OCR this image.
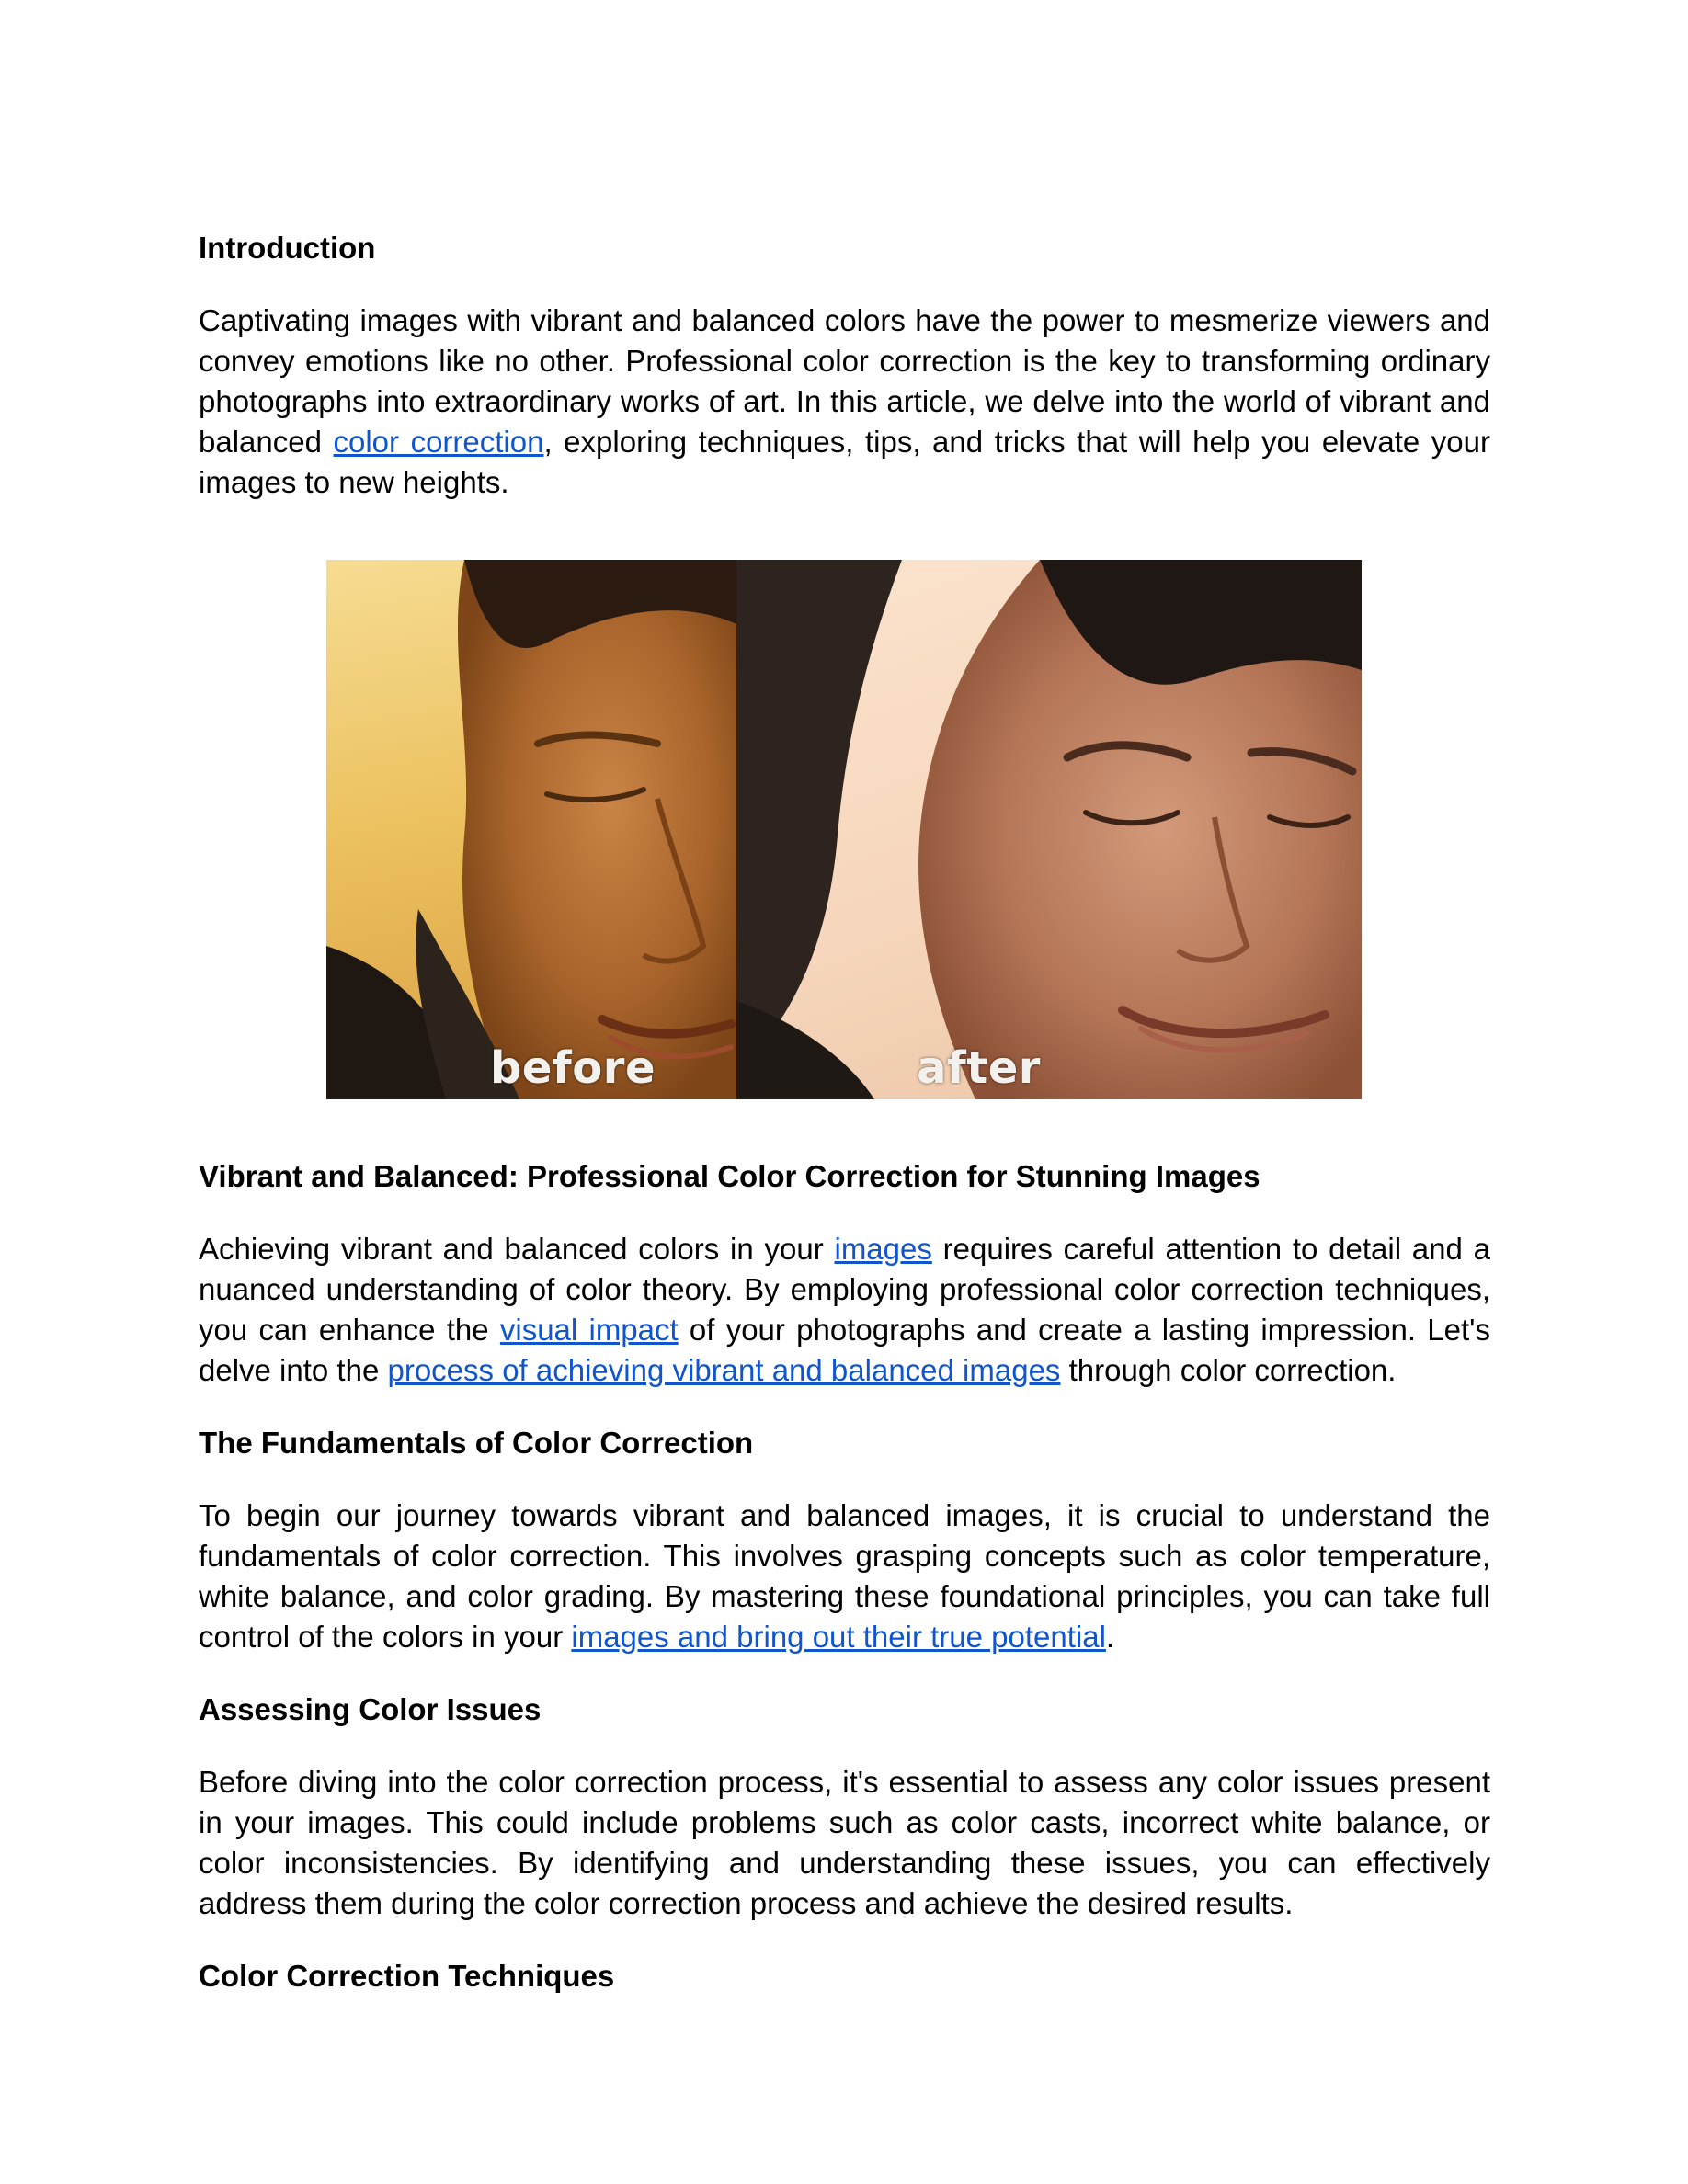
Introduction

Captivating images with vibrant and balanced colors have the power to mesmerize viewers and convey emotions like no other. Professional color correction is the key to transforming ordinary photographs into extraordinary works of art. In this article, we delve into the world of vibrant and balanced color correction, exploring techniques, tips, and tricks that will help you elevate your images to new heights.

before	after

Vibrant and Balanced: Professional Color Correction for Stunning Images

Achieving vibrant and balanced colors in your images requires careful attention to detail and a nuanced understanding of color theory. By employing professional color correction techniques, you can enhance the visual impact of your photographs and create a lasting impression. Let's delve into the process of achieving vibrant and balanced images through color correction.

The Fundamentals of Color Correction

To begin our journey towards vibrant and balanced images, it is crucial to understand the fundamentals of color correction. This involves grasping concepts such as color temperature, white balance, and color grading. By mastering these foundational principles, you can take full control of the colors in your images and bring out their true potential.

Assessing Color Issues

Before diving into the color correction process, it's essential to assess any color issues present in your images. This could include problems such as color casts, incorrect white balance, or color inconsistencies. By identifying and understanding these issues, you can effectively address them during the color correction process and achieve the desired results.

Color Correction Techniques
